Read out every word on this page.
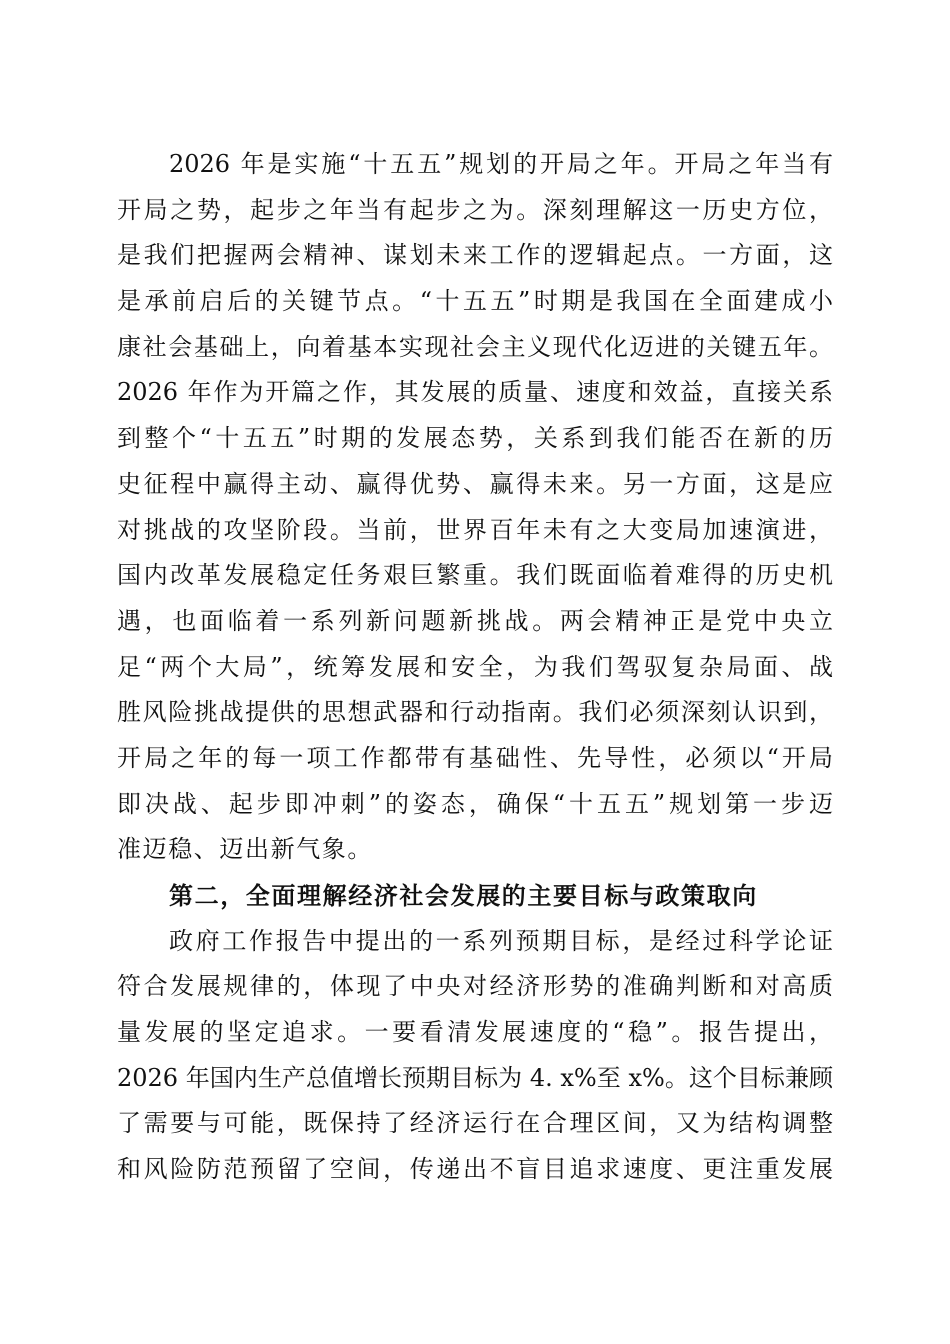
2026 年是实施“十五五”规划的开局之年。开局之年当有
开局之势，起步之年当有起步之为。深刻理解这一历史方位，
是我们把握两会精神、谋划未来工作的逻辑起点。一方面，这
是承前启后的关键节点。“十五五”时期是我国在全面建成小
康社会基础上，向着基本实现社会主义现代化迈进的关键五年。
2026 年作为开篇之作，其发展的质量、速度和效益，直接关系
到整个“十五五”时期的发展态势，关系到我们能否在新的历
史征程中赢得主动、赢得优势、赢得未来。另一方面，这是应
对挑战的攻坚阶段。当前，世界百年未有之大变局加速演进，
国内改革发展稳定任务艰巨繁重。我们既面临着难得的历史机
遇，也面临着一系列新问题新挑战。两会精神正是党中央立
足“两个大局”，统筹发展和安全，为我们驾驭复杂局面、战
胜风险挑战提供的思想武器和行动指南。我们必须深刻认识到，
开局之年的每一项工作都带有基础性、先导性，必须以“开局
即决战、起步即冲刺”的姿态，确保“十五五”规划第一步迈
准迈稳、迈出新气象。
第二，全面理解经济社会发展的主要目标与政策取向
政府工作报告中提出的一系列预期目标，是经过科学论证
符合发展规律的，体现了中央对经济形势的准确判断和对高质
量发展的坚定追求。一要看清发展速度的“稳”。报告提出，
2026 年国内生产总值增长预期目标为 4. x%至 x%。这个目标兼顾
了需要与可能，既保持了经济运行在合理区间，又为结构调整
和风险防范预留了空间，传递出不盲目追求速度、更注重发展
